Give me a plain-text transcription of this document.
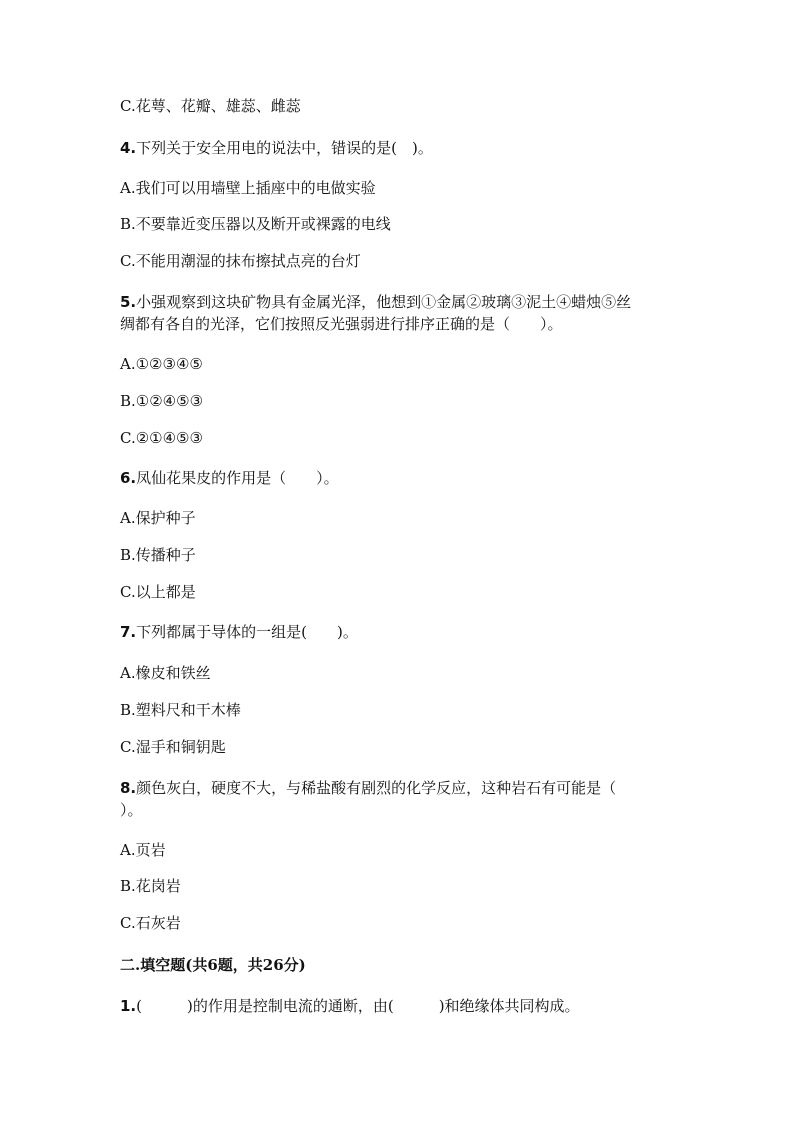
C.花萼、花瓣、雄蕊、雌蕊
4.下列关于安全用电的说法中，错误的是(　)。
A.我们可以用墙壁上插座中的电做实验
B.不要靠近变压器以及断开或裸露的电线
C.不能用潮湿的抹布擦拭点亮的台灯
5.小强观察到这块矿物具有金属光泽，他想到①金属②玻璃③泥土④蜡烛⑤丝
绸都有各自的光泽，它们按照反光强弱进行排序正确的是（　　）。
A.①②③④⑤
B.①②④⑤③
C.②①④⑤③
6.凤仙花果皮的作用是（　　）。
A.保护种子
B.传播种子
C.以上都是
7.下列都属于导体的一组是(　　)。
A.橡皮和铁丝
B.塑料尺和干木棒
C.湿手和铜钥匙
8.颜色灰白，硬度不大，与稀盐酸有剧烈的化学反应，这种岩石有可能是（
）。
A.页岩
B.花岗岩
C.石灰岩
二.填空题(共6题，共26分)
1.(　　　)的作用是控制电流的通断，由(　　　)和绝缘体共同构成。
